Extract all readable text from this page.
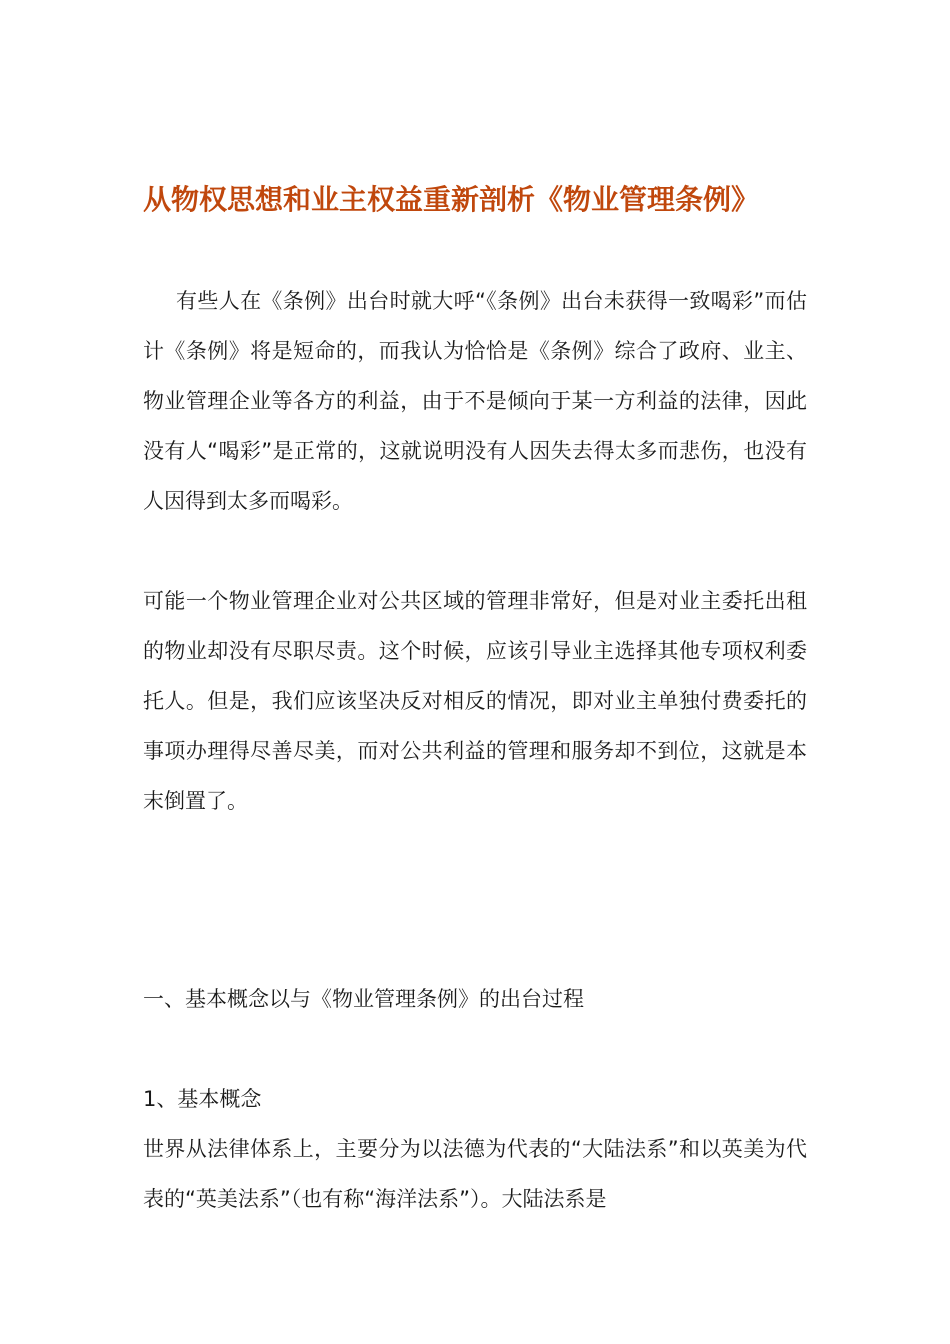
从物权思想和业主权益重新剖析《物业管理条例》

有些人在《条例》出台时就大呼“《条例》出台未获得一致喝彩”而估计《条例》将是短命的，而我认为恰恰是《条例》综合了政府、业主、物业管理企业等各方的利益，由于不是倾向于某一方利益的法律，因此没有人“喝彩”是正常的，这就说明没有人因失去得太多而悲伤，也没有人因得到太多而喝彩。

可能一个物业管理企业对公共区域的管理非常好，但是对业主委托出租的物业却没有尽职尽责。这个时候，应该引导业主选择其他专项权利委托人。但是，我们应该坚决反对相反的情况，即对业主单独付费委托的事项办理得尽善尽美，而对公共利益的管理和服务却不到位，这就是本末倒置了。

一、基本概念以与《物业管理条例》的出台过程

1、基本概念

世界从法律体系上，主要分为以法德为代表的“大陆法系”和以英美为代表的“英美法系”（也有称“海洋法系”）。大陆法系是
